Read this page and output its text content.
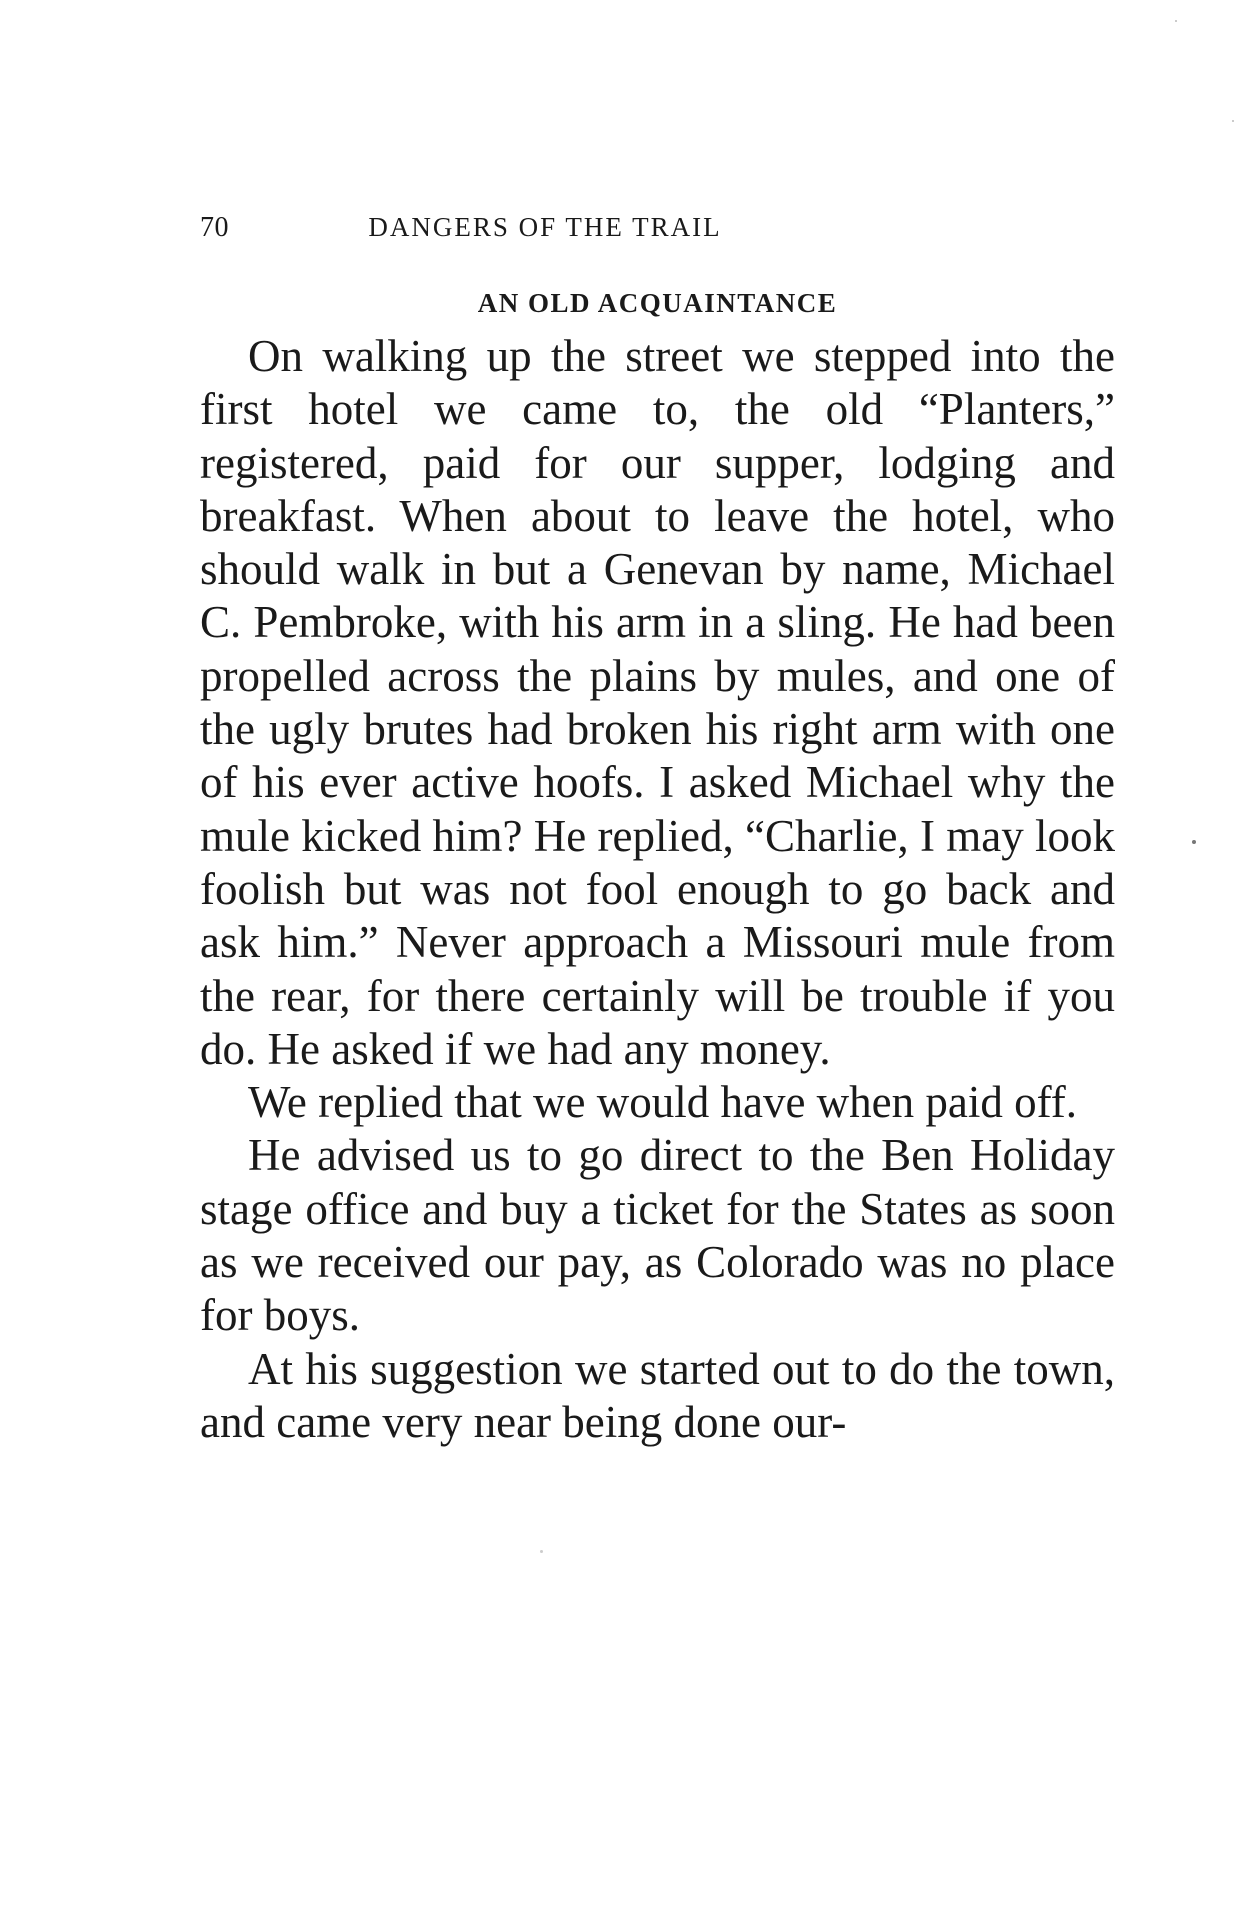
70	DANGERS OF THE TRAIL
AN OLD ACQUAINTANCE

On walking up the street we stepped into the first hotel we came to, the old “Planters,” registered, paid for our supper, lodging and breakfast. When about to leave the hotel, who should walk in but a Genevan by name, Michael C. Pembroke, with his arm in a sling. He had been propelled across the plains by mules, and one of the ugly brutes had broken his right arm with one of his ever active hoofs. I asked Michael why the mule kicked him? He replied, “Charlie, I may look foolish but was not fool enough to go back and ask him.” Never approach a Missouri mule from the rear, for there certainly will be trouble if you do. He asked if we had any money.

We replied that we would have when paid off.

He advised us to go direct to the Ben Holiday stage office and buy a ticket for the States as soon as we received our pay, as Colorado was no place for boys.

At his suggestion we started out to do the town, and came very near being done our-
